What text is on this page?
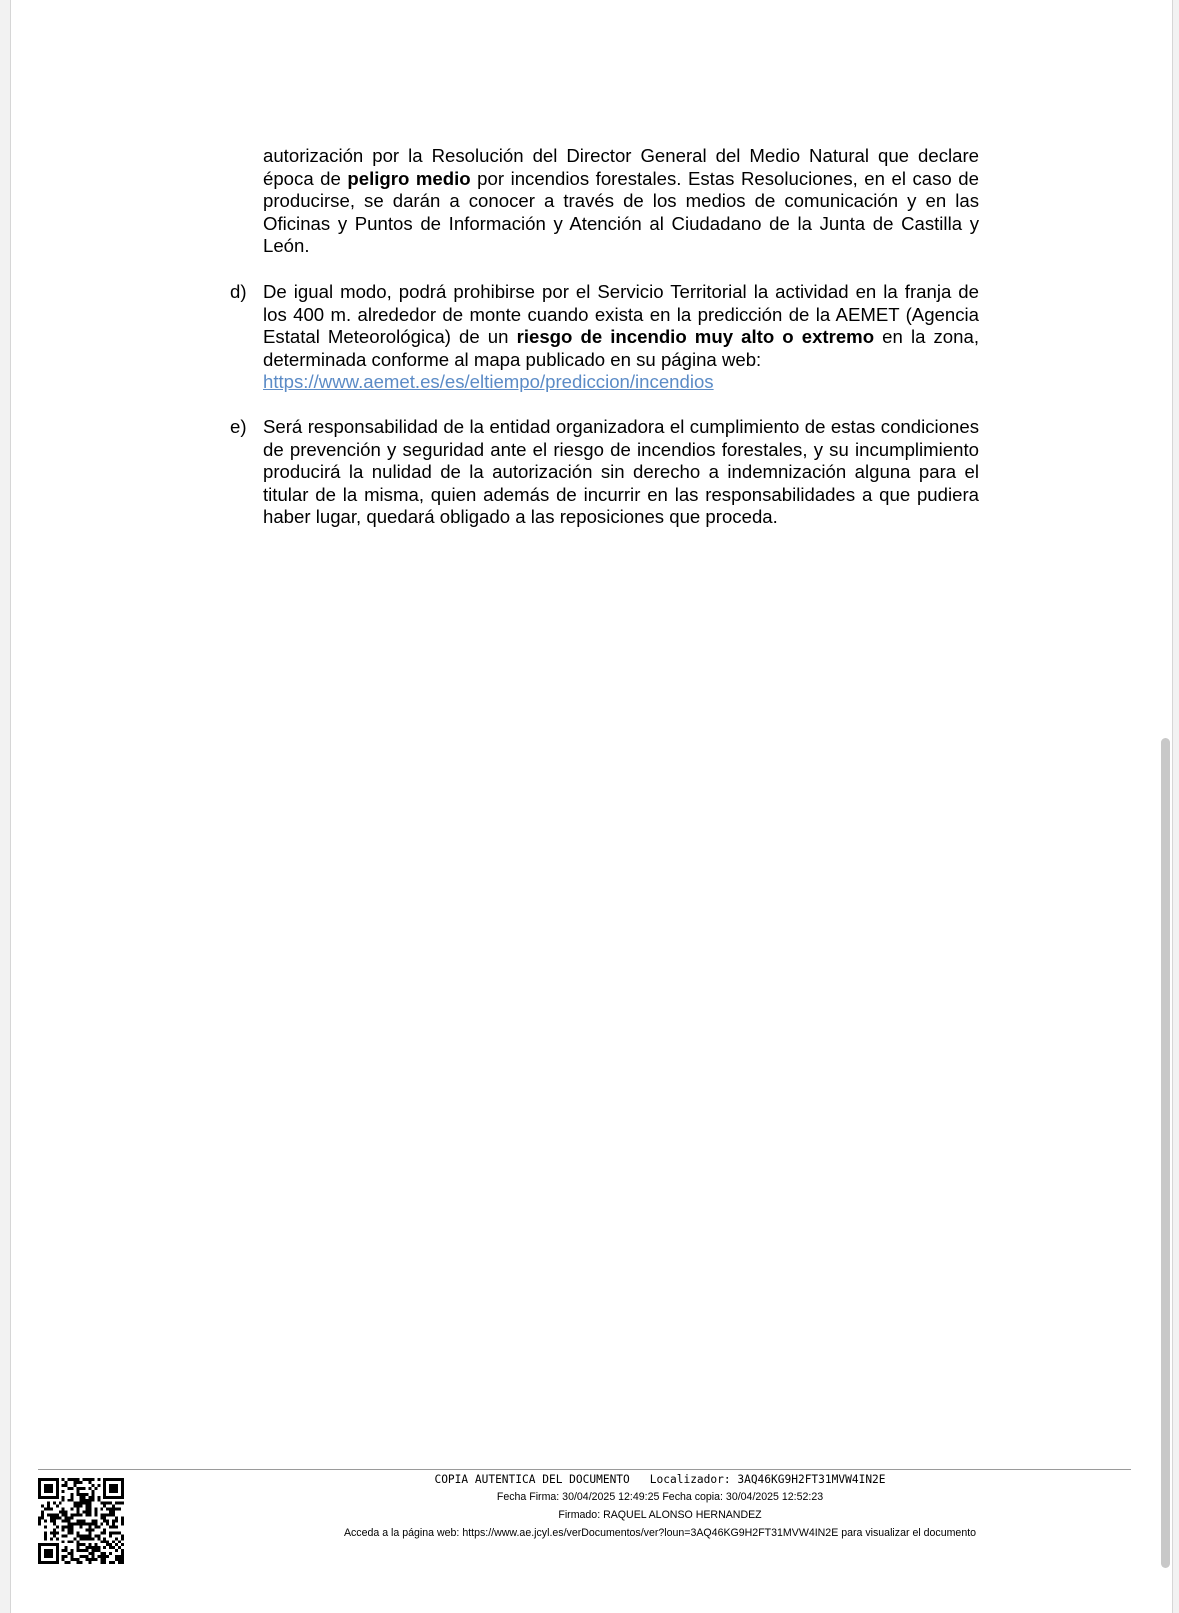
autorización por la Resolución del Director General del Medio Natural que declare época de peligro medio por incendios forestales. Estas Resoluciones, en el caso de producirse, se darán a conocer a través de los medios de comunicación y en las Oficinas y Puntos de Información y Atención al Ciudadano de la Junta de Castilla y León.
d) De igual modo, podrá prohibirse por el Servicio Territorial la actividad en la franja de los 400 m. alrededor de monte cuando exista en la predicción de la AEMET (Agencia Estatal Meteorológica) de un riesgo de incendio muy alto o extremo en la zona, determinada conforme al mapa publicado en su página web:
https://www.aemet.es/es/eltiempo/prediccion/incendios
e) Será responsabilidad de la entidad organizadora el cumplimiento de estas condiciones de prevención y seguridad ante el riesgo de incendios forestales, y su incumplimiento producirá la nulidad de la autorización sin derecho a indemnización alguna para el titular de la misma, quien además de incurrir en las responsabilidades a que pudiera haber lugar, quedará obligado a las reposiciones que proceda.
COPIA AUTENTICA DEL DOCUMENTO Localizador: 3AQ46KG9H2FT31MVW4IN2E
Fecha Firma: 30/04/2025 12:49:25 Fecha copia: 30/04/2025 12:52:23
Firmado: RAQUEL ALONSO HERNANDEZ
Acceda a la página web: https://www.ae.jcyl.es/verDocumentos/ver?loun=3AQ46KG9H2FT31MVW4IN2E para visualizar el documento
